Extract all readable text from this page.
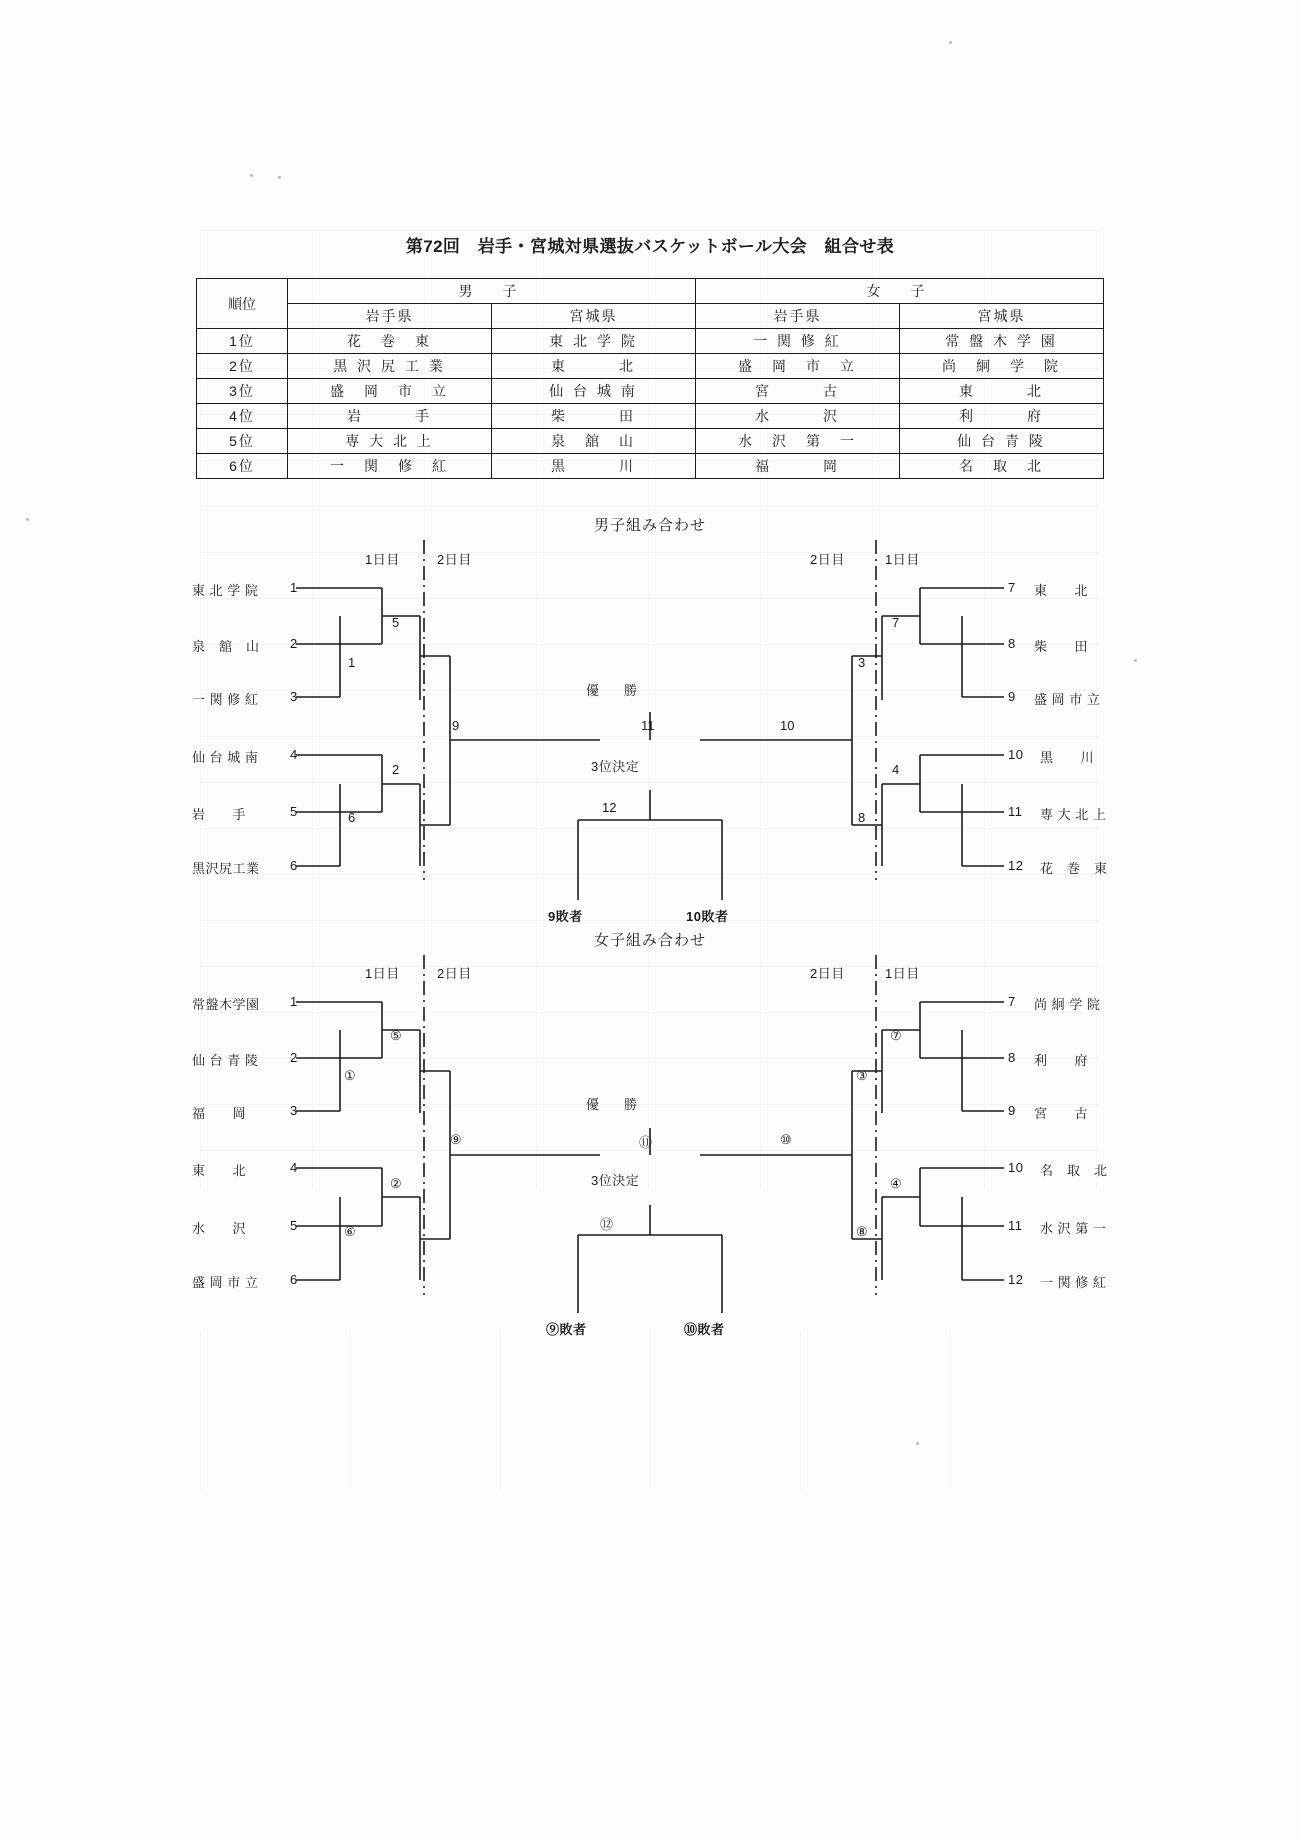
第72回　岩手・宮城対県選抜バスケットボール大会　組合せ表
順位	男　子		女　子	
	岩手県	宮城県	岩手県	宮城県
1位	花　巻　東	東 北 学 院	一 関 修 紅	常 盤 木 学 園
2位	黒 沢 尻 工 業	東　　　北	盛　岡　市　立	尚　絅　学　院
3位	盛　岡　市　立	仙 台 城 南	宮　　　古	東　　　北
4位	岩　　　手	柴　　　田	水　　　沢	利　　　府
5位	専 大 北 上	泉　舘　山	水　沢　第　一	仙 台 青 陵
6位	一　関　修　紅	黒　　　川	福　　　岡	名　取　北
男子組み合わせ
1日目	2日目	2日目	1日目
東 北 学 院	1
泉　舘　山	2
一 関 修 紅	3
仙 台 城 南	4
岩　　手	5
黒沢尻工業	6
7 東　　北
8 柴　　田
9 盛 岡 市 立
10 黒　　川
11 専 大 北 上
12 花　巻　東
5
1
2
6
9	11	10
7
3
4
8
12
優　勝
3位決定
9敗者	10敗者
女子組み合わせ
1日目	2日目	2日目	1日目
常盤木学園	1
仙 台 青 陵	2
福　　岡	3
東　　北	4
水　　沢	5
盛 岡 市 立	6
7 尚 絅 学 院
8 利　　府
9 宮　　古
10 名　取　北
11 水 沢 第 一
12 一 関 修 紅
⑤
①
②
⑥
⑨	⑪	⑩
⑦
③
④
⑧
⑫
優　勝
3位決定
⑨敗者	⑩敗者
